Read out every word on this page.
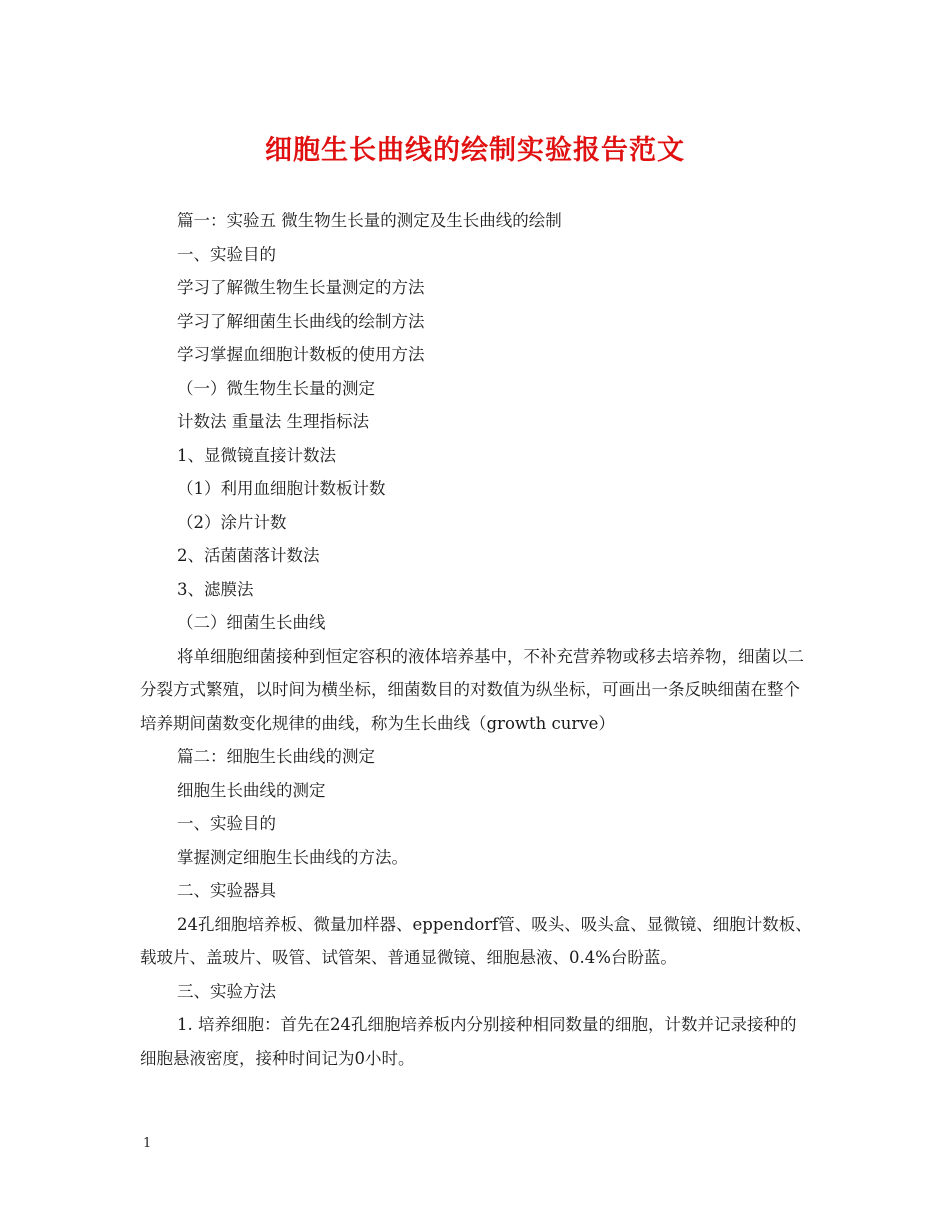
细胞生长曲线的绘制实验报告范文

篇一：实验五 微生物生长量的测定及生长曲线的绘制

一、实验目的

学习了解微生物生长量测定的方法

学习了解细菌生长曲线的绘制方法

学习掌握血细胞计数板的使用方法

（一）微生物生长量的测定

计数法 重量法 生理指标法

1、显微镜直接计数法

（1）利用血细胞计数板计数

（2）涂片计数

2、活菌菌落计数法

3、滤膜法

（二）细菌生长曲线

将单细胞细菌接种到恒定容积的液体培养基中，不补充营养物或移去培养物，细菌以二分裂方式繁殖，以时间为横坐标，细菌数目的对数值为纵坐标，可画出一条反映细菌在整个培养期间菌数变化规律的曲线，称为生长曲线（growth curve）

篇二：细胞生长曲线的测定

细胞生长曲线的测定

一、实验目的

掌握测定细胞生长曲线的方法。

二、实验器具

24孔细胞培养板、微量加样器、eppendorf管、吸头、吸头盒、显微镜、细胞计数板、载玻片、盖玻片、吸管、试管架、普通显微镜、细胞悬液、0.4%台盼蓝。

三、实验方法

1. 培养细胞：首先在24孔细胞培养板内分别接种相同数量的细胞，计数并记录接种的细胞悬液密度，接种时间记为0小时。

1
